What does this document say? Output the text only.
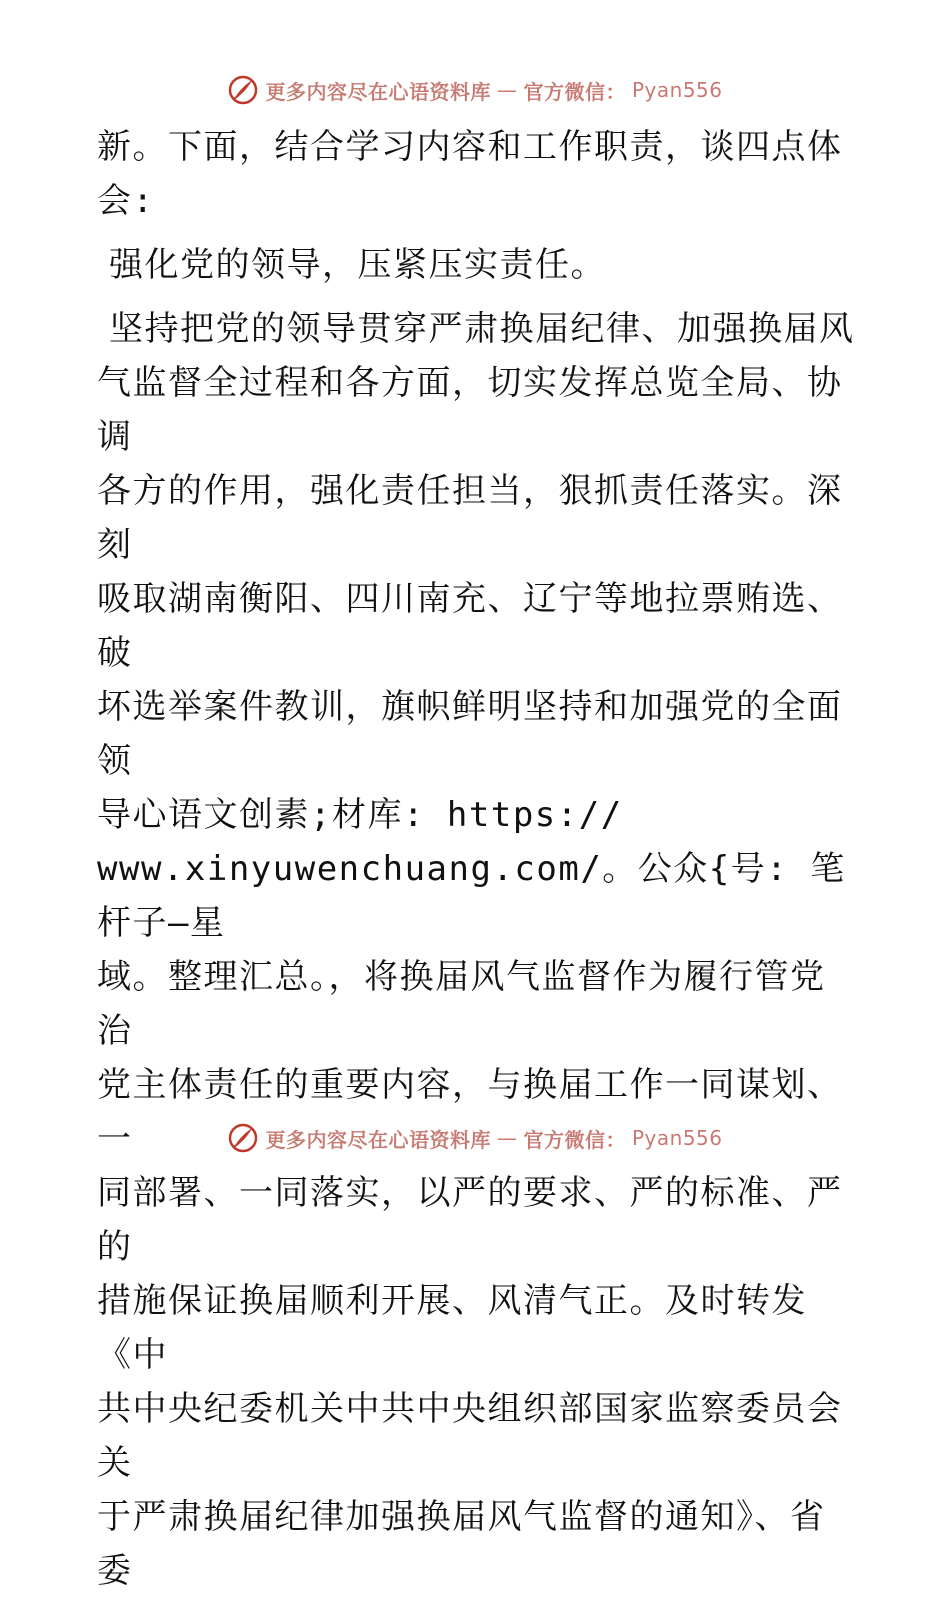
更多内容尽在心语资料库 — 官方微信： Pyan556

新。下面，结合学习内容和工作职责，谈四点体

会:

强化党的领导，压紧压实责任。

坚持把党的领导贯穿严肃换届纪律、加强换届风

气监督全过程和各方面，切实发挥总览全局、协调

各方的作用，强化责任担当，狠抓责任落实。深刻

吸取湖南衡阳、四川南充、辽宁等地拉票贿选、破

坏选举案件教训，旗帜鲜明坚持和加强党的全面领

导心语文创素;材库: https://

www.xinyuwenchuang.com/。公众{号: 笔杆子—星

域。整理汇总。，将换届风气监督作为履行管党治

党主体责任的重要内容，与换届工作一同谋划、一

同部署、一同落实，以严的要求、严的标准、严的

措施保证换届顺利开展、风清气正。及时转发《中

共中央纪委机关中共中央组织部国家监察委员会关

于严肃换届纪律加强换届风气监督的通知》、省委

更多内容尽在心语资料库 — 官方微信： Pyan556
